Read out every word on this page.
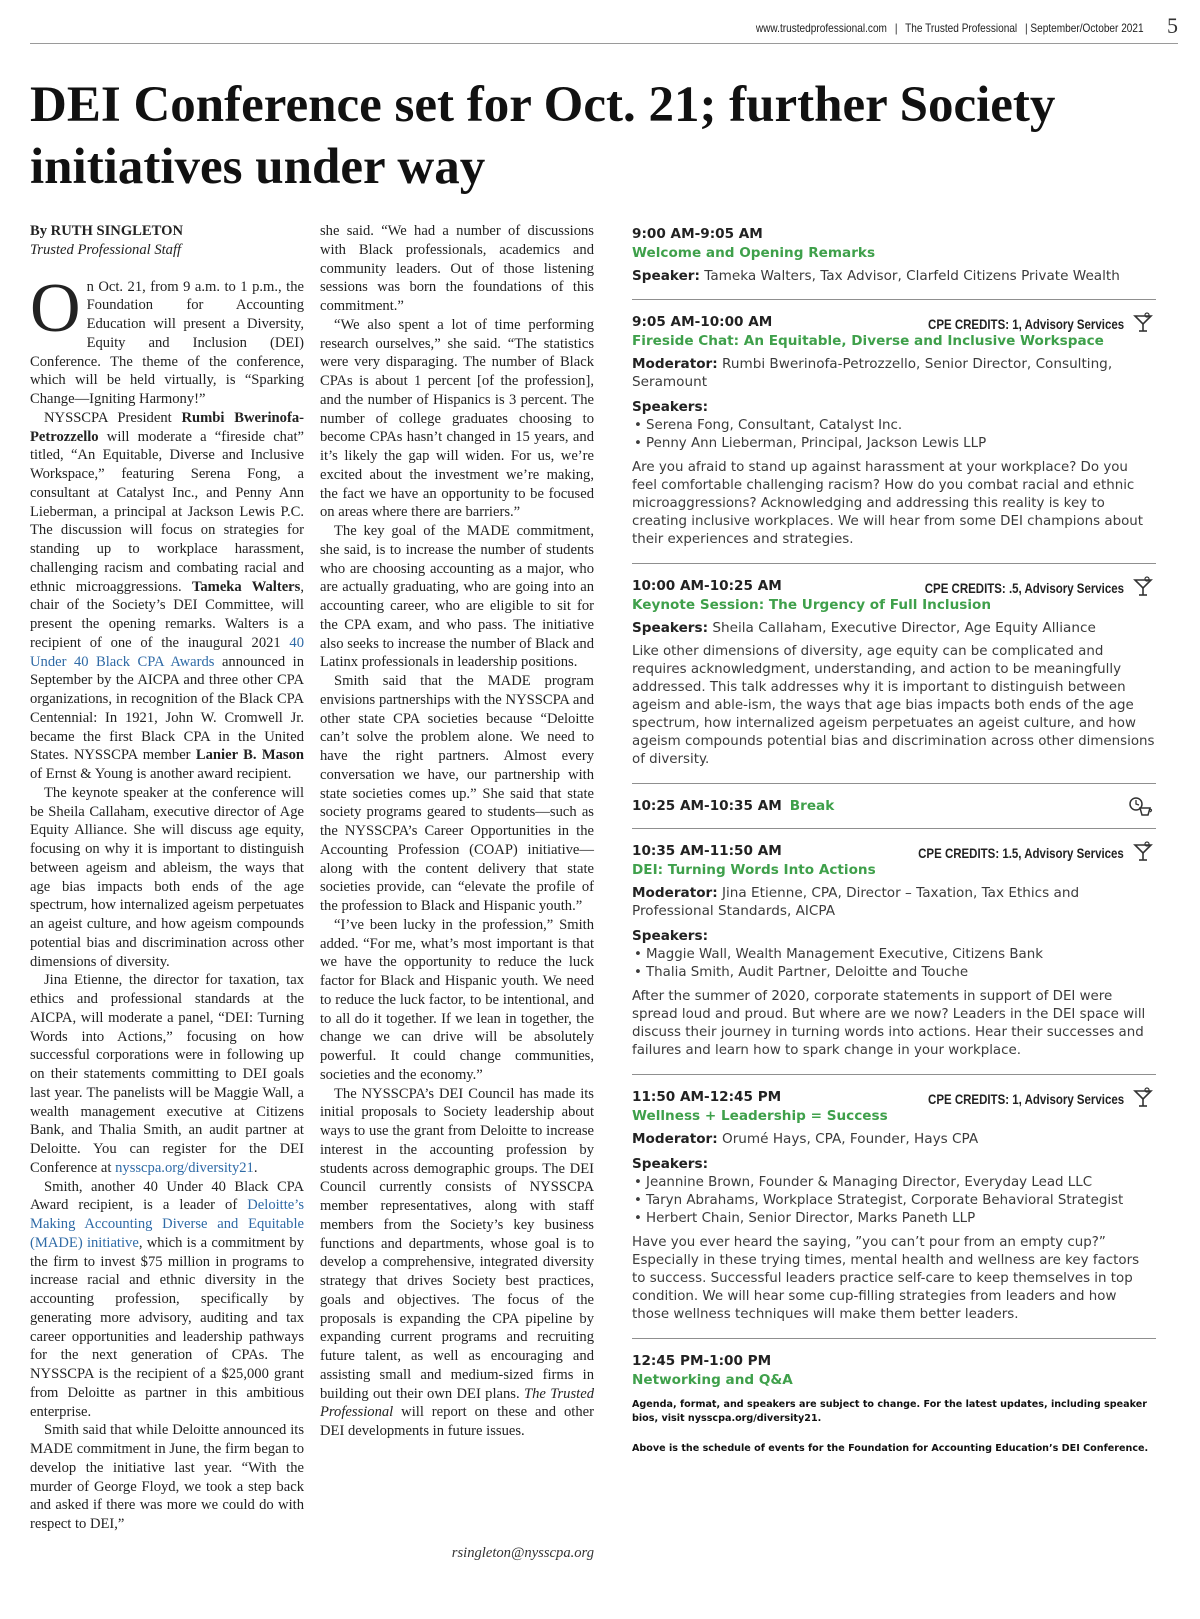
www.trustedprofessional.com | The Trusted Professional | September/October 2021 5
DEI Conference set for Oct. 21; further Society initiatives under way

By RUTH SINGLETON

Trusted Professional Staff

On Oct. 21, from 9 a.m. to 1 p.m., the Foundation for Accounting Education will present a Diversity, Equity and Inclusion (DEI) Conference. The theme of the conference, which will be held virtually, is “Sparking Change—Igniting Harmony!”

NYSSCPA President Rumbi Bwerinofa-Petrozzello will moderate a “fireside chat” titled, “An Equitable, Diverse and Inclusive Workspace,” featuring Serena Fong, a consultant at Catalyst Inc., and Penny Ann Lieberman, a principal at Jackson Lewis P.C. The discussion will focus on strategies for standing up to workplace harassment, challenging racism and combating racial and ethnic microaggressions. Tameka Walters, chair of the Society’s DEI Committee, will present the opening remarks. Walters is a recipient of one of the inaugural 2021 40 Under 40 Black CPA Awards announced in September by the AICPA and three other CPA organizations, in recognition of the Black CPA Centennial: In 1921, John W. Cromwell Jr. became the first Black CPA in the United States. NYSSCPA member Lanier B. Mason of Ernst & Young is another award recipient.

The keynote speaker at the conference will be Sheila Callaham, executive director of Age Equity Alliance. She will discuss age equity, focusing on why it is important to distinguish between ageism and ableism, the ways that age bias impacts both ends of the age spectrum, how internalized ageism perpetuates an ageist culture, and how ageism compounds potential bias and discrimination across other dimensions of diversity.

Jina Etienne, the director for taxation, tax ethics and professional standards at the AICPA, will moderate a panel, “DEI: Turning Words into Actions,” focusing on how successful corporations were in following up on their statements committing to DEI goals last year. The panelists will be Maggie Wall, a wealth management executive at Citizens Bank, and Thalia Smith, an audit partner at Deloitte. You can register for the DEI Conference at nysscpa.org/diversity21.

Smith, another 40 Under 40 Black CPA Award recipient, is a leader of Deloitte’s Making Accounting Diverse and Equitable (MADE) initiative, which is a commitment by the firm to invest $75 million in programs to increase racial and ethnic diversity in the accounting profession, specifically by generating more advisory, auditing and tax career opportunities and leadership pathways for the next generation of CPAs. The NYSSCPA is the recipient of a $25,000 grant from Deloitte as partner in this ambitious enterprise.

Smith said that while Deloitte announced its MADE commitment in June, the firm began to develop the initiative last year. “With the murder of George Floyd, we took a step back and asked if there was more we could do with respect to DEI,”

she said. “We had a number of discussions with Black professionals, academics and community leaders. Out of those listening sessions was born the foundations of this commitment.”

“We also spent a lot of time performing research ourselves,” she said. “The statistics were very disparaging. The number of Black CPAs is about 1 percent [of the profession], and the number of Hispanics is 3 percent. The number of college graduates choosing to become CPAs hasn’t changed in 15 years, and it’s likely the gap will widen. For us, we’re excited about the investment we’re making, the fact we have an opportunity to be focused on areas where there are barriers.”

The key goal of the MADE commitment, she said, is to increase the number of students who are choosing accounting as a major, who are actually graduating, who are going into an accounting career, who are eligible to sit for the CPA exam, and who pass. The initiative also seeks to increase the number of Black and Latinx professionals in leadership positions.

Smith said that the MADE program envisions partnerships with the NYSSCPA and other state CPA societies because “Deloitte can’t solve the problem alone. We need to have the right partners. Almost every conversation we have, our partnership with state societies comes up.” She said that state society programs geared to students—such as the NYSSCPA’s Career Opportunities in the Accounting Profession (COAP) initiative—along with the content delivery that state societies provide, can “elevate the profile of the profession to Black and Hispanic youth.”

“I’ve been lucky in the profession,” Smith added. “For me, what’s most important is that we have the opportunity to reduce the luck factor for Black and Hispanic youth. We need to reduce the luck factor, to be intentional, and to all do it together. If we lean in together, the change we can drive will be absolutely powerful. It could change communities, societies and the economy.”

The NYSSCPA’s DEI Council has made its initial proposals to Society leadership about ways to use the grant from Deloitte to increase interest in the accounting profession by students across demographic groups. The DEI Council currently consists of NYSSCPA member representatives, along with staff members from the Society’s key business functions and departments, whose goal is to develop a comprehensive, integrated diversity strategy that drives Society best practices, goals and objectives. The focus of the proposals is expanding the CPA pipeline by expanding current programs and recruiting future talent, as well as encouraging and assisting small and medium-sized firms in building out their own DEI plans. The Trusted Professional will report on these and other DEI developments in future issues.

rsingleton@nysscpa.org
9:00 AM-9:05 AM
Welcome and Opening Remarks
Speaker: Tameka Walters, Tax Advisor, Clarfeld Citizens Private Wealth
9:05 AM-10:00 AM	CPE CREDITS: 1, Advisory Services
Fireside Chat: An Equitable, Diverse and Inclusive Workspace
Moderator: Rumbi Bwerinofa-Petrozzello, Senior Director, Consulting, Seramount
Speakers:
• Serena Fong, Consultant, Catalyst Inc.
• Penny Ann Lieberman, Principal, Jackson Lewis LLP
Are you afraid to stand up against harassment at your workplace? Do you feel comfortable challenging racism? How do you combat racial and ethnic microaggressions? Acknowledging and addressing this reality is key to creating inclusive workplaces. We will hear from some DEI champions about their experiences and strategies.
10:00 AM-10:25 AM	CPE CREDITS: .5, Advisory Services
Keynote Session: The Urgency of Full Inclusion
Speakers: Sheila Callaham, Executive Director, Age Equity Alliance
Like other dimensions of diversity, age equity can be complicated and requires acknowledgment, understanding, and action to be meaningfully addressed. This talk addresses why it is important to distinguish between ageism and able-ism, the ways that age bias impacts both ends of the age spectrum, how internalized ageism perpetuates an ageist culture, and how ageism compounds potential bias and discrimination across other dimensions of diversity.
10:25 AM-10:35 AM Break
10:35 AM-11:50 AM	CPE CREDITS: 1.5, Advisory Services
DEI: Turning Words Into Actions
Moderator: Jina Etienne, CPA, Director – Taxation, Tax Ethics and Professional Standards, AICPA
Speakers:
• Maggie Wall, Wealth Management Executive, Citizens Bank
• Thalia Smith, Audit Partner, Deloitte and Touche
After the summer of 2020, corporate statements in support of DEI were spread loud and proud. But where are we now? Leaders in the DEI space will discuss their journey in turning words into actions. Hear their successes and failures and learn how to spark change in your workplace.
11:50 AM-12:45 PM	CPE CREDITS: 1, Advisory Services
Wellness + Leadership = Success
Moderator: Orumé Hays, CPA, Founder, Hays CPA
Speakers:
• Jeannine Brown, Founder & Managing Director, Everyday Lead LLC
• Taryn Abrahams, Workplace Strategist, Corporate Behavioral Strategist
• Herbert Chain, Senior Director, Marks Paneth LLP
Have you ever heard the saying, ”you can’t pour from an empty cup?” Especially in these trying times, mental health and wellness are key factors to success. Successful leaders practice self-care to keep themselves in top condition. We will hear some cup-filling strategies from leaders and how those wellness techniques will make them better leaders.
12:45 PM-1:00 PM
Networking and Q&A

Agenda, format, and speakers are subject to change. For the latest updates, including speaker bios, visit nysscpa.org/diversity21.

Above is the schedule of events for the Foundation for Accounting Education’s DEI Conference.
